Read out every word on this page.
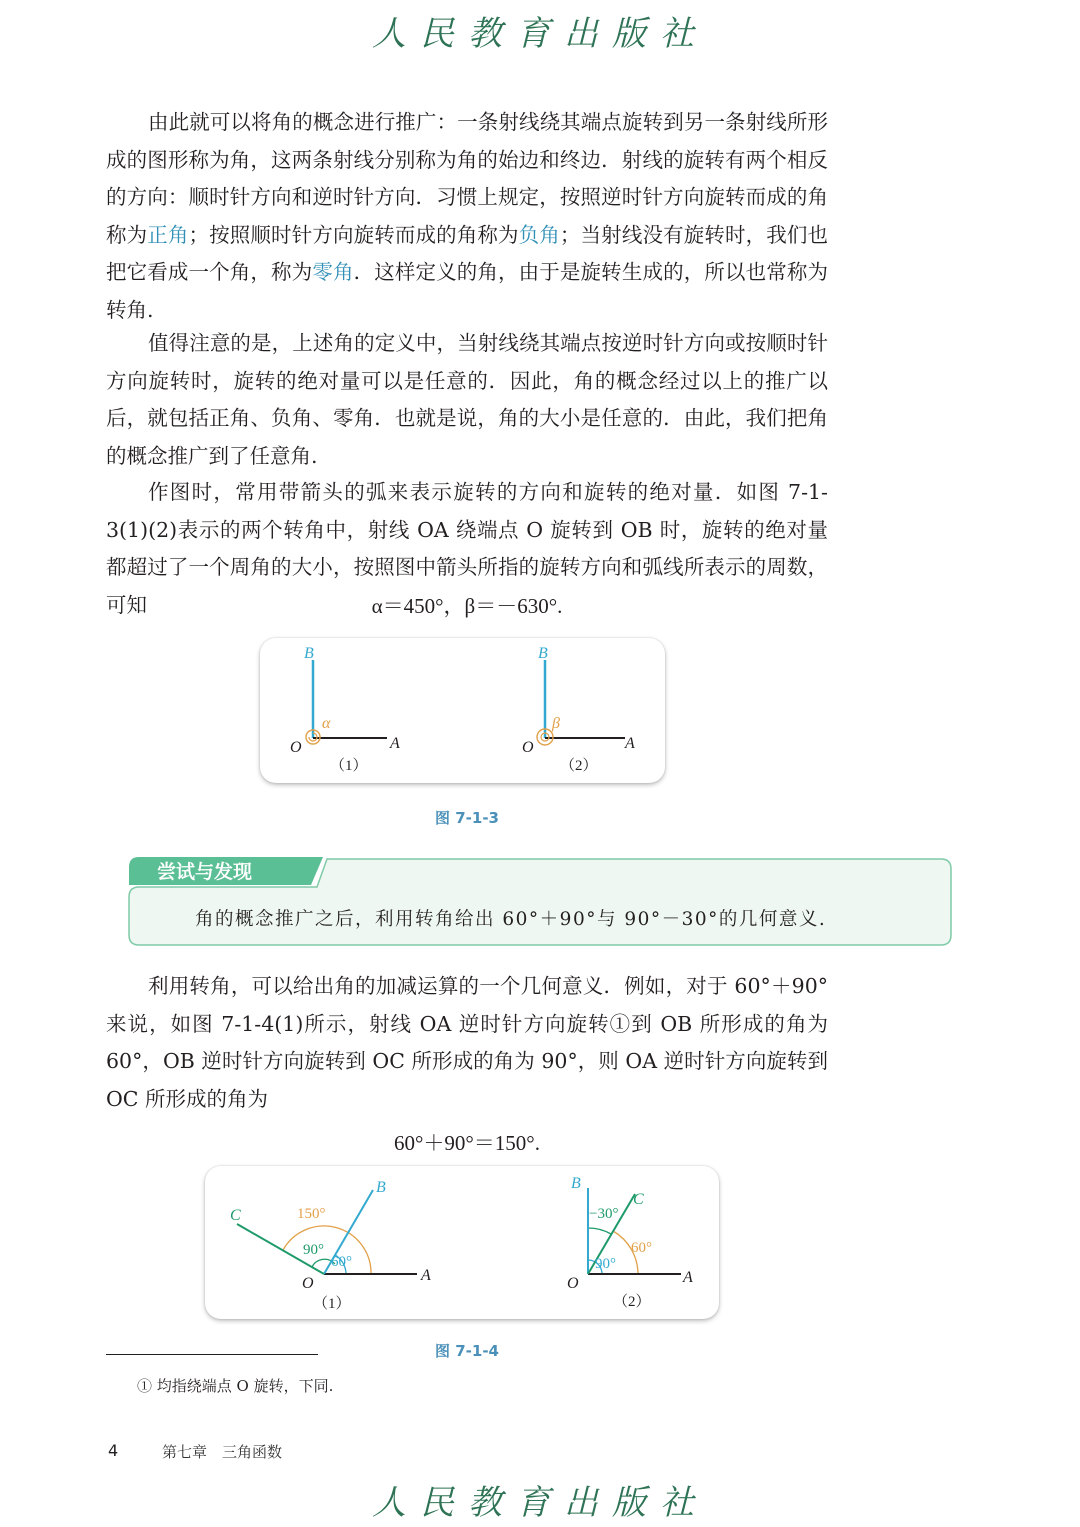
人民教育出版社
由此就可以将角的概念进行推广：一条射线绕其端点旋转到另一条射线所形成的图形称为角，这两条射线分别称为角的始边和终边．射线的旋转有两个相反的方向：顺时针方向和逆时针方向．习惯上规定，按照逆时针方向旋转而成的角称为正角；按照顺时针方向旋转而成的角称为负角；当射线没有旋转时，我们也把它看成一个角，称为零角．这样定义的角，由于是旋转生成的，所以也常称为转角.
值得注意的是，上述角的定义中，当射线绕其端点按逆时针方向或按顺时针方向旋转时，旋转的绝对量可以是任意的．因此，角的概念经过以上的推广以后，就包括正角、负角、零角．也就是说，角的大小是任意的．由此，我们把角的概念推广到了任意角.
作图时，常用带箭头的弧来表示旋转的方向和旋转的绝对量．如图 7-1-3(1)(2)表示的两个转角中，射线 OA 绕端点 O 旋转到 OB 时，旋转的绝对量都超过了一个周角的大小，按照图中箭头所指的旋转方向和弧线所表示的周数，可知	α＝450°，β＝－630°.
B
O	A
α
（1）
B
O	A
β
（2）
图 7-1-3
尝试与发现
角的概念推广之后，利用转角给出 60°＋90°与 90°－30°的几何意义.
利用转角，可以给出角的加减运算的一个几何意义．例如，对于 60°＋90°来说，如图 7-1-4(1)所示，射线 OA 逆时针方向旋转①到 OB 所形成的角为 60°，OB 逆时针方向旋转到 OC 所形成的角为 90°，则 OA 逆时针方向旋转到 OC 所形成的角为
60°＋90°＝150°.
B
C
O	A
150°
90°
60°
（1）
B
C
O	A
−30°
60°
90°
（2）
图 7-1-4
① 均指绕端点 O 旋转，下同.
4	第七章　三角函数
人民教育出版社
